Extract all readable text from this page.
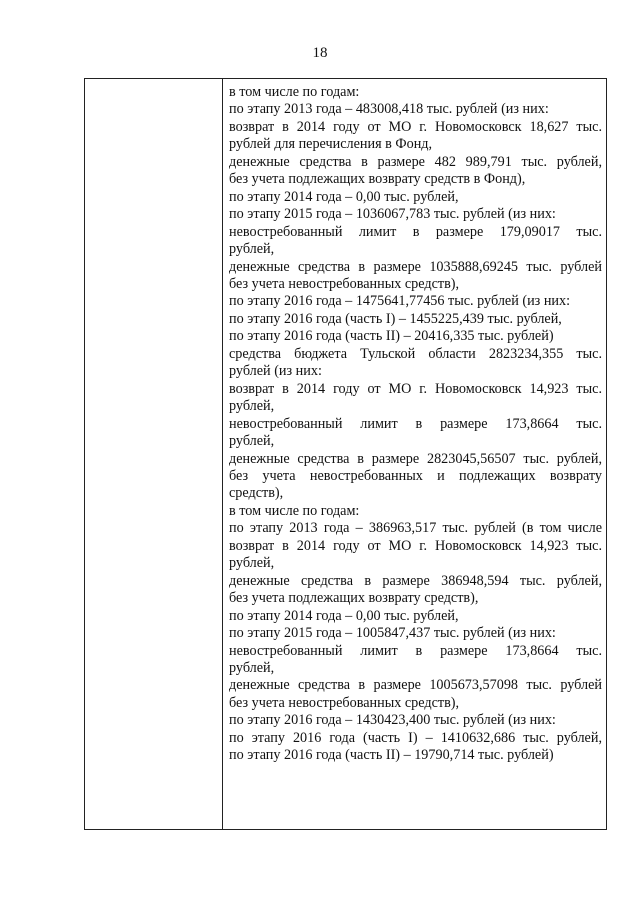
18
в том числе по годам:
по этапу 2013 года – 483008,418 тыс. рублей (из них:
возврат в 2014 году от МО г. Новомосковск 18,627 тыс.
рублей для перечисления в Фонд,
денежные средства в размере 482 989,791 тыс. рублей,
без учета подлежащих возврату средств в Фонд),
по этапу 2014 года – 0,00 тыс. рублей,
по этапу 2015 года – 1036067,783 тыс. рублей (из них:
невостребованный лимит в размере 179,09017 тыс.
рублей,
денежные средства в размере 1035888,69245 тыс. рублей
без учета невостребованных средств),
по этапу 2016 года – 1475641,77456 тыс. рублей (из них:
по этапу 2016 года (часть I) – 1455225,439 тыс. рублей,
по этапу 2016 года (часть II) – 20416,335 тыс. рублей)
средства бюджета Тульской области 2823234,355 тыс.
рублей (из них:
возврат в 2014 году от МО г. Новомосковск 14,923 тыс.
рублей,
невостребованный лимит в размере 173,8664 тыс.
рублей,
денежные средства в размере 2823045,56507 тыс. рублей,
без учета невостребованных и подлежащих возврату
средств),
в том числе по годам:
по этапу 2013 года – 386963,517 тыс. рублей (в том числе
возврат в 2014 году от МО г. Новомосковск 14,923 тыс.
рублей,
денежные средства в размере 386948,594 тыс. рублей,
без учета подлежащих возврату средств),
по этапу 2014 года – 0,00 тыс. рублей,
по этапу 2015 года – 1005847,437 тыс. рублей (из них:
невостребованный лимит в размере 173,8664 тыс.
рублей,
денежные средства в размере 1005673,57098 тыс. рублей
без учета невостребованных средств),
по этапу 2016 года – 1430423,400 тыс. рублей (из них:
по этапу 2016 года (часть I) – 1410632,686 тыс. рублей,
по этапу 2016 года (часть II) – 19790,714 тыс. рублей)
